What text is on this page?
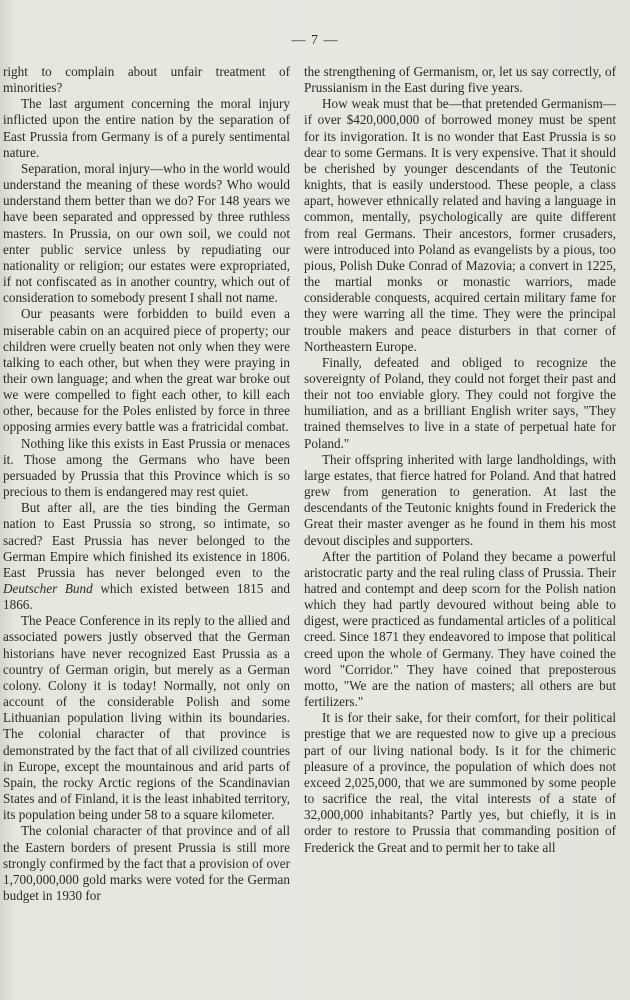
— 7 —

right to complain about unfair treatment of minorities?

The last argument concerning the moral injury inflicted upon the entire nation by the separation of East Prussia from Germany is of a purely sentimental nature.

Separation, moral injury—who in the world would understand the meaning of these words? Who would understand them better than we do? For 148 years we have been separated and oppressed by three ruthless masters. In Prussia, on our own soil, we could not enter public service unless by repudiating our nationality or religion; our estates were expropriated, if not confiscated as in another country, which out of consideration to somebody present I shall not name.

Our peasants were forbidden to build even a miserable cabin on an acquired piece of property; our children were cruelly beaten not only when they were talking to each other, but when they were praying in their own language; and when the great war broke out we were compelled to fight each other, to kill each other, because for the Poles enlisted by force in three opposing armies every battle was a fratricidal combat.

Nothing like this exists in East Prussia or menaces it. Those among the Germans who have been persuaded by Prussia that this Province which is so precious to them is endangered may rest quiet.

But after all, are the ties binding the German nation to East Prussia so strong, so intimate, so sacred? East Prussia has never belonged to the German Empire which finished its existence in 1806. East Prussia has never belonged even to the Deutscher Bund which existed between 1815 and 1866.

The Peace Conference in its reply to the allied and associated powers justly observed that the German historians have never recognized East Prussia as a country of German origin, but merely as a German colony. Colony it is today! Normally, not only on account of the considerable Polish and some Lithuanian population living within its boundaries. The colonial character of that province is demonstrated by the fact that of all civilized countries in Europe, except the mountainous and arid parts of Spain, the rocky Arctic regions of the Scandinavian States and of Finland, it is the least inhabited territory, its population being under 58 to a square kilometer.

The colonial character of that province and of all the Eastern borders of present Prussia is still more strongly confirmed by the fact that a provision of over 1,700,000,000 gold marks were voted for the German budget in 1930 for

the strengthening of Germanism, or, let us say correctly, of Prussianism in the East during five years.

How weak must that be—that pretended Germanism—if over $420,000,000 of borrowed money must be spent for its invigoration. It is no wonder that East Prussia is so dear to some Germans. It is very expensive. That it should be cherished by younger descendants of the Teutonic knights, that is easily understood. These people, a class apart, however ethnically related and having a language in common, mentally, psychologically are quite different from real Germans. Their ancestors, former crusaders, were introduced into Poland as evangelists by a pious, too pious, Polish Duke Conrad of Mazovia; a convert in 1225, the martial monks or monastic warriors, made considerable conquests, acquired certain military fame for they were warring all the time. They were the principal trouble makers and peace disturbers in that corner of Northeastern Europe.

Finally, defeated and obliged to recognize the sovereignty of Poland, they could not forget their past and their not too enviable glory. They could not forgive the humiliation, and as a brilliant English writer says, "They trained themselves to live in a state of perpetual hate for Poland."

Their offspring inherited with large landholdings, with large estates, that fierce hatred for Poland. And that hatred grew from generation to generation. At last the descendants of the Teutonic knights found in Frederick the Great their master avenger as he found in them his most devout disciples and supporters.

After the partition of Poland they became a powerful aristocratic party and the real ruling class of Prussia. Their hatred and contempt and deep scorn for the Polish nation which they had partly devoured without being able to digest, were practiced as fundamental articles of a political creed. Since 1871 they endeavored to impose that political creed upon the whole of Germany. They have coined the word "Corridor." They have coined that preposterous motto, "We are the nation of masters; all others are but fertilizers."

It is for their sake, for their comfort, for their political prestige that we are requested now to give up a precious part of our living national body. Is it for the chimeric pleasure of a province, the population of which does not exceed 2,025,000, that we are summoned by some people to sacrifice the real, the vital interests of a state of 32,000,000 inhabitants? Partly yes, but chiefly, it is in order to restore to Prussia that commanding position of Frederick the Great and to permit her to take all
